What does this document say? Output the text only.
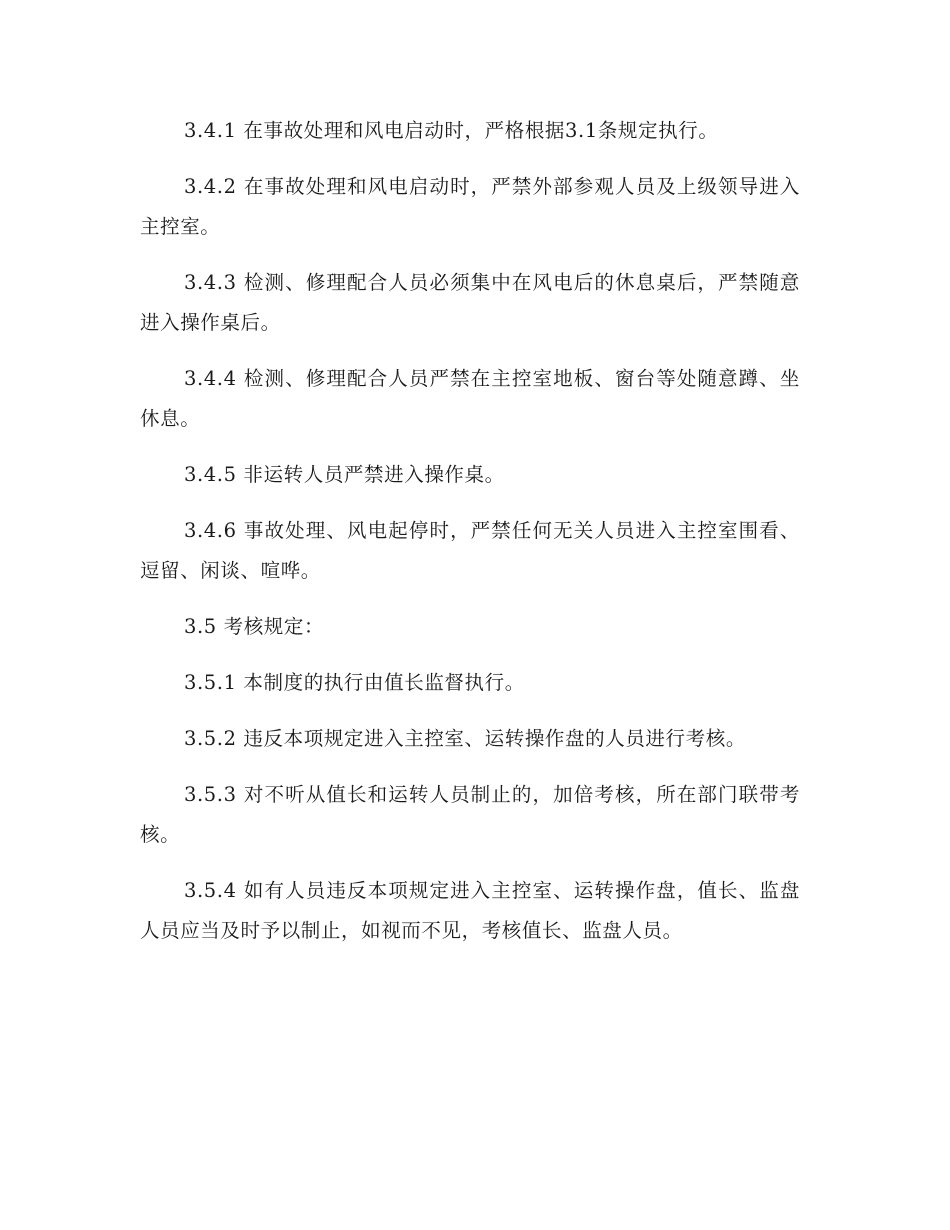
3.4.1 在事故处理和风电启动时，严格根据3.1条规定执行。

3.4.2 在事故处理和风电启动时，严禁外部参观人员及上级领导进入主控室。

3.4.3 检测、修理配合人员必须集中在风电后的休息桌后，严禁随意进入操作桌后。

3.4.4 检测、修理配合人员严禁在主控室地板、窗台等处随意蹲、坐休息。

3.4.5 非运转人员严禁进入操作桌。

3.4.6 事故处理、风电起停时，严禁任何无关人员进入主控室围看、逗留、闲谈、喧哗。

3.5 考核规定：

3.5.1 本制度的执行由值长监督执行。

3.5.2 违反本项规定进入主控室、运转操作盘的人员进行考核。

3.5.3 对不听从值长和运转人员制止的，加倍考核，所在部门联带考核。

3.5.4 如有人员违反本项规定进入主控室、运转操作盘，值长、监盘人员应当及时予以制止，如视而不见，考核值长、监盘人员。
